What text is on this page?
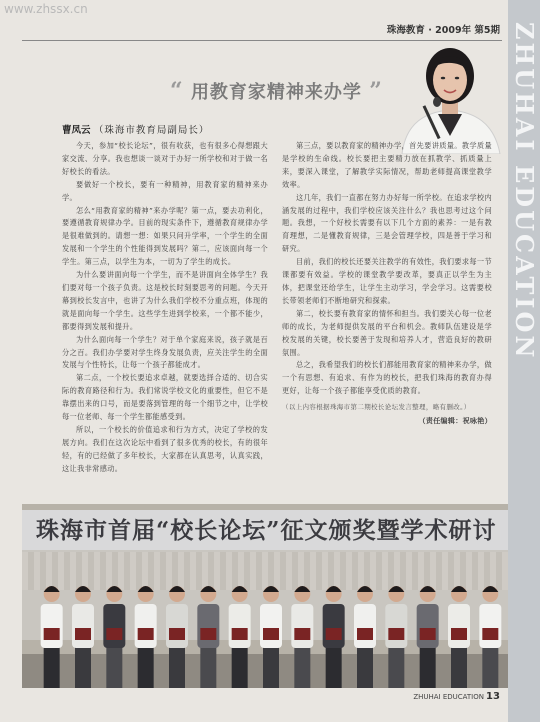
www.zhssx.cn
珠海教育 · 2009年 第5期 ZHUHAI EDUCATION
“ 用教育家精神来办学 ”
曹凤云 （珠海市教育局副局长）

今天，参加“校长论坛”，很有收获，也有很多心得想跟大家交流、分享。我也想谈一谈对于办好一所学校和对于做一名好校长的看法。

要做好一个校长，要有一种精神，用教育家的精神来办学。

怎么“用教育家的精神”来办学呢？第一点，要去功利化，要遵循教育规律办学。目前的现实条件下，遵循教育规律办学是很难做到的。请想一想：如果只问升学率，一个学生的全面发展和一个学生的个性能得到发展吗？第二，应该面向每一个学生。第三点，以学生为本，一切为了学生的成长。

为什么要讲面向每一个学生，而不是讲面向全体学生？我们要对每一个孩子负责。这是校长时刻要思考的问题。今天开幕到校长发言中，也讲了为什么我们学校不分重点班，体现的就是面向每一个学生。这些学生进到学校来，一个都不能少，都要得到发展和提升。

为什么面向每一个学生？对于单个家庭来说，孩子就是百分之百。我们办学要对学生终身发展负责，应关注学生的全面发展与个性特长，让每一个孩子都能成才。

第二点，一个校长要追求卓越，就要选择合适的、切合实际的教育路径和行为。我们常说学校文化的重要性，但它不是靠摆出来的口号，而是要落到管理的每一个细节之中，让学校每一位老师、每一个学生都能感受到。

所以，一个校长的价值追求和行为方式，决定了学校的发展方向。我们在这次论坛中看到了很多优秀的校长，有的很年轻，有的已经做了多年校长，大家都在认真思考，认真实践，这让我非常感动。

第三点，要以教育家的精神办学，首先要讲质量。教学质量是学校的生命线。校长要把主要精力放在抓教学、抓质量上来，要深入课堂，了解教学实际情况，帮助老师提高课堂教学效率。

这几年，我们一直都在努力办好每一所学校。在追求学校内涵发展的过程中，我们学校应该关注什么？我也思考过这个问题。我想，一个好校长需要有以下几个方面的素养：一是有教育理想，二是懂教育规律，三是会管理学校，四是善于学习和研究。

目前，我们的校长还要关注教学的有效性，我们要求每一节课都要有效益。学校的课堂教学要改革，要真正以学生为主体，把课堂还给学生，让学生主动学习，学会学习。这需要校长带领老师们不断地研究和探索。

第二，校长要有教育家的情怀和担当。我们要关心每一位老师的成长，为老师提供发展的平台和机会。教师队伍建设是学校发展的关键，校长要善于发现和培养人才，营造良好的教研氛围。

总之，我希望我们的校长们都能用教育家的精神来办学，做一个有思想、有追求、有作为的校长，把我们珠海的教育办得更好，让每一个孩子都能享受优质的教育。

（以上内容根据珠海市第二期校长论坛发言整理，略有删改。）

（责任编辑：祝咏艳）

珠海市首届“校长论坛”征文颁奖暨学术研讨
ZHUHAI EDUCATION 13
